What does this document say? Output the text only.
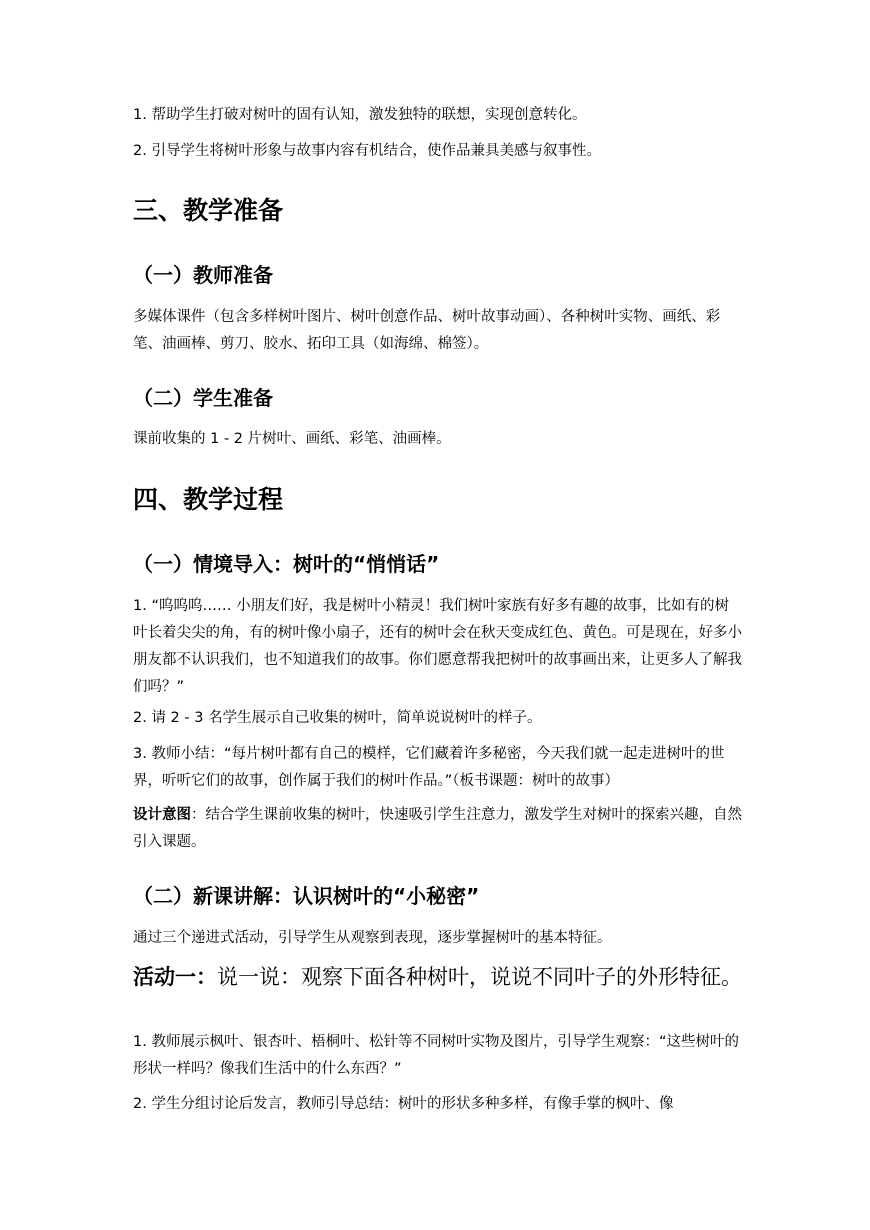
1. 帮助学生打破对树叶的固有认知，激发独特的联想，实现创意转化。

2. 引导学生将树叶形象与故事内容有机结合，使作品兼具美感与叙事性。

三、教学准备
（一）教师准备

多媒体课件（包含多样树叶图片、树叶创意作品、树叶故事动画）、各种树叶实物、画纸、彩笔、油画棒、剪刀、胶水、拓印工具（如海绵、棉签）。

（二）学生准备

课前收集的 1 - 2 片树叶、画纸、彩笔、油画棒。

四、教学过程
（一）情境导入：树叶的“悄悄话”

1. “呜呜呜…… 小朋友们好，我是树叶小精灵！我们树叶家族有好多有趣的故事，比如有的树叶长着尖尖的角，有的树叶像小扇子，还有的树叶会在秋天变成红色、黄色。可是现在，好多小朋友都不认识我们，也不知道我们的故事。你们愿意帮我把树叶的故事画出来，让更多人了解我们吗？”

2. 请 2 - 3 名学生展示自己收集的树叶，简单说说树叶的样子。

3. 教师小结：“每片树叶都有自己的模样，它们藏着许多秘密，今天我们就一起走进树叶的世界，听听它们的故事，创作属于我们的树叶作品。”（板书课题：树叶的故事）

设计意图：结合学生课前收集的树叶，快速吸引学生注意力，激发学生对树叶的探索兴趣，自然引入课题。

（二）新课讲解：认识树叶的“小秘密”

通过三个递进式活动，引导学生从观察到表现，逐步掌握树叶的基本特征。

活动一：说一说：观察下面各种树叶，说说不同叶子的外形特征。

1. 教师展示枫叶、银杏叶、梧桐叶、松针等不同树叶实物及图片，引导学生观察：“这些树叶的形状一样吗？像我们生活中的什么东西？”

2. 学生分组讨论后发言，教师引导总结：树叶的形状多种多样，有像手掌的枫叶、像
